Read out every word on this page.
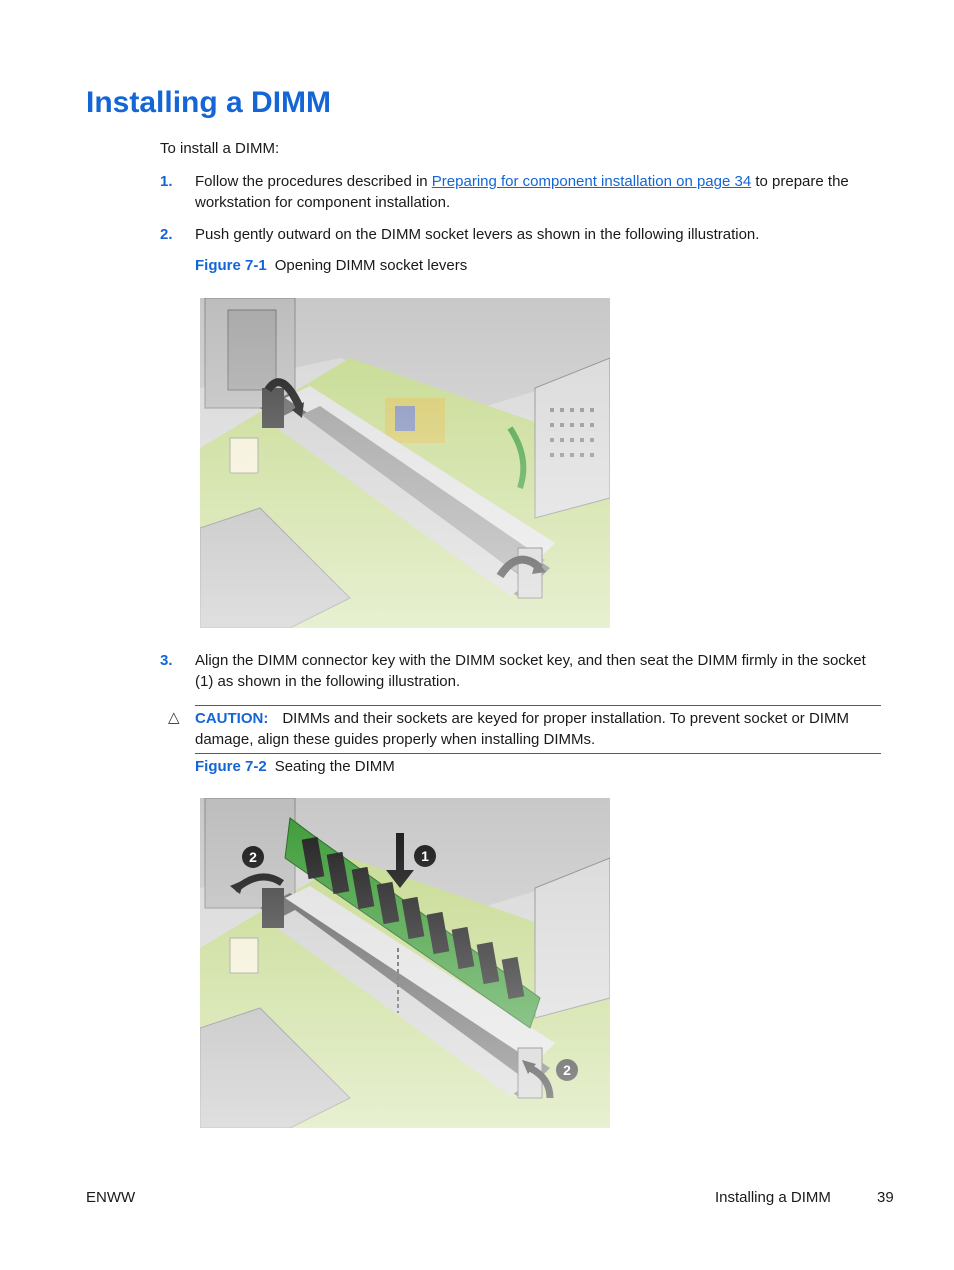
Installing a DIMM
To install a DIMM:
1. Follow the procedures described in Preparing for component installation on page 34 to prepare the workstation for component installation.
2. Push gently outward on the DIMM socket levers as shown in the following illustration.
Figure 7-1 Opening DIMM socket levers
3. Align the DIMM connector key with the DIMM socket key, and then seat the DIMM firmly in the socket (1) as shown in the following illustration.
△ CAUTION: DIMMs and their sockets are keyed for proper installation. To prevent socket or DIMM damage, align these guides properly when installing DIMMs.
Figure 7-2 Seating the DIMM
ENWW	Installing a DIMM	39
